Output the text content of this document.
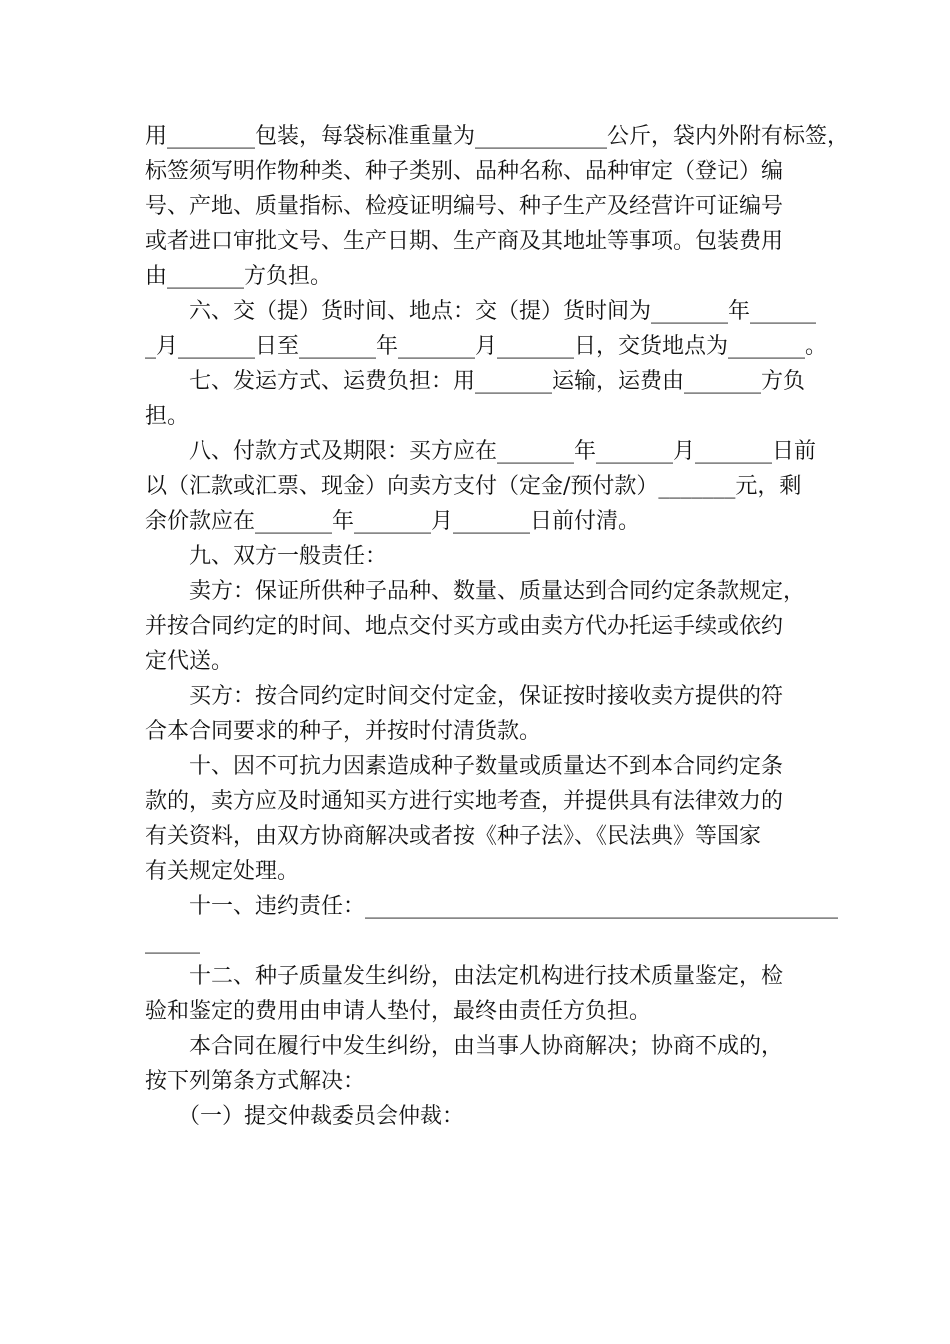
用________包装，每袋标准重量为____________公斤，袋内外附有标签，
标签须写明作物种类、种子类别、品种名称、品种审定（登记）编
号、产地、质量指标、检疫证明编号、种子生产及经营许可证编号
或者进口审批文号、生产日期、生产商及其地址等事项。包装费用
由_______方负担。
六、交（提）货时间、地点：交（提）货时间为_______年______
_月_______日至_______年_______月_______日，交货地点为_______。
七、发运方式、运费负担：用_______运输，运费由_______方负
担。
八、付款方式及期限：买方应在_______年_______月_______日前
以（汇款或汇票、现金）向卖方支付（定金/预付款）_______元，剩
余价款应在_______年_______月_______日前付清。
九、双方一般责任：
卖方：保证所供种子品种、数量、质量达到合同约定条款规定，
并按合同约定的时间、地点交付买方或由卖方代办托运手续或依约
定代送。
买方：按合同约定时间交付定金，保证按时接收卖方提供的符
合本合同要求的种子，并按时付清货款。
十、因不可抗力因素造成种子数量或质量达不到本合同约定条
款的，卖方应及时通知买方进行实地考查，并提供具有法律效力的
有关资料，由双方协商解决或者按《种子法》、《民法典》等国家
有关规定处理。
十一、违约责任：___________________________________________
_____
十二、种子质量发生纠纷，由法定机构进行技术质量鉴定，检
验和鉴定的费用由申请人垫付，最终由责任方负担。
本合同在履行中发生纠纷，由当事人协商解决；协商不成的，
按下列第条方式解决：
（一）提交仲裁委员会仲裁：
